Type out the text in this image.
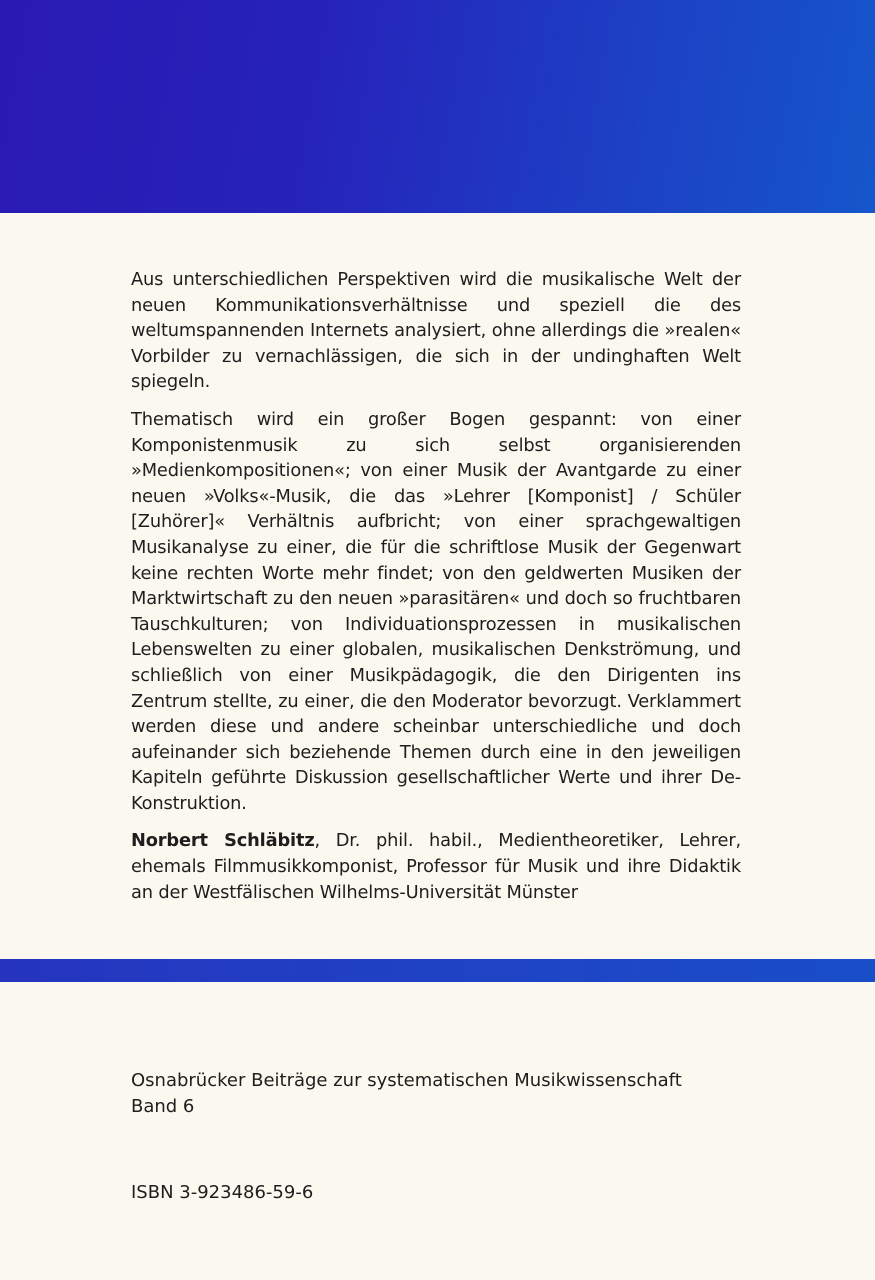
Aus unterschiedlichen Perspektiven wird die musikalische Welt der neuen Kommunikationsverhältnisse und speziell die des weltumspannenden Internets analysiert, ohne allerdings die »realen« Vorbilder zu vernachlässigen, die sich in der undinghaften Welt spiegeln.

Thematisch wird ein großer Bogen gespannt: von einer Komponistenmusik zu sich selbst organisierenden »Medienkompositionen«; von einer Musik der Avantgarde zu einer neuen »Volks«-Musik, die das »Lehrer [Komponist] / Schüler [Zuhörer]« Verhältnis aufbricht; von einer sprachgewaltigen Musikanalyse zu einer, die für die schriftlose Musik der Gegenwart keine rechten Worte mehr findet; von den geldwerten Musiken der Marktwirtschaft zu den neuen »parasitären« und doch so fruchtbaren Tauschkulturen; von Individuationsprozessen in musikalischen Lebenswelten zu einer globalen, musikalischen Denkströmung, und schließlich von einer Musikpädagogik, die den Dirigenten ins Zentrum stellte, zu einer, die den Moderator bevorzugt. Verklammert werden diese und andere scheinbar unterschiedliche und doch aufeinander sich beziehende Themen durch eine in den jeweiligen Kapiteln geführte Diskussion gesellschaftlicher Werte und ihrer De-Konstruktion.

Norbert Schläbitz, Dr. phil. habil., Medientheoretiker, Lehrer, ehemals Filmmusikkomponist, Professor für Musik und ihre Didaktik an der Westfälischen Wilhelms-Universität Münster

Osnabrücker Beiträge zur systematischen Musikwissenschaft
Band 6
ISBN 3-923486-59-6
